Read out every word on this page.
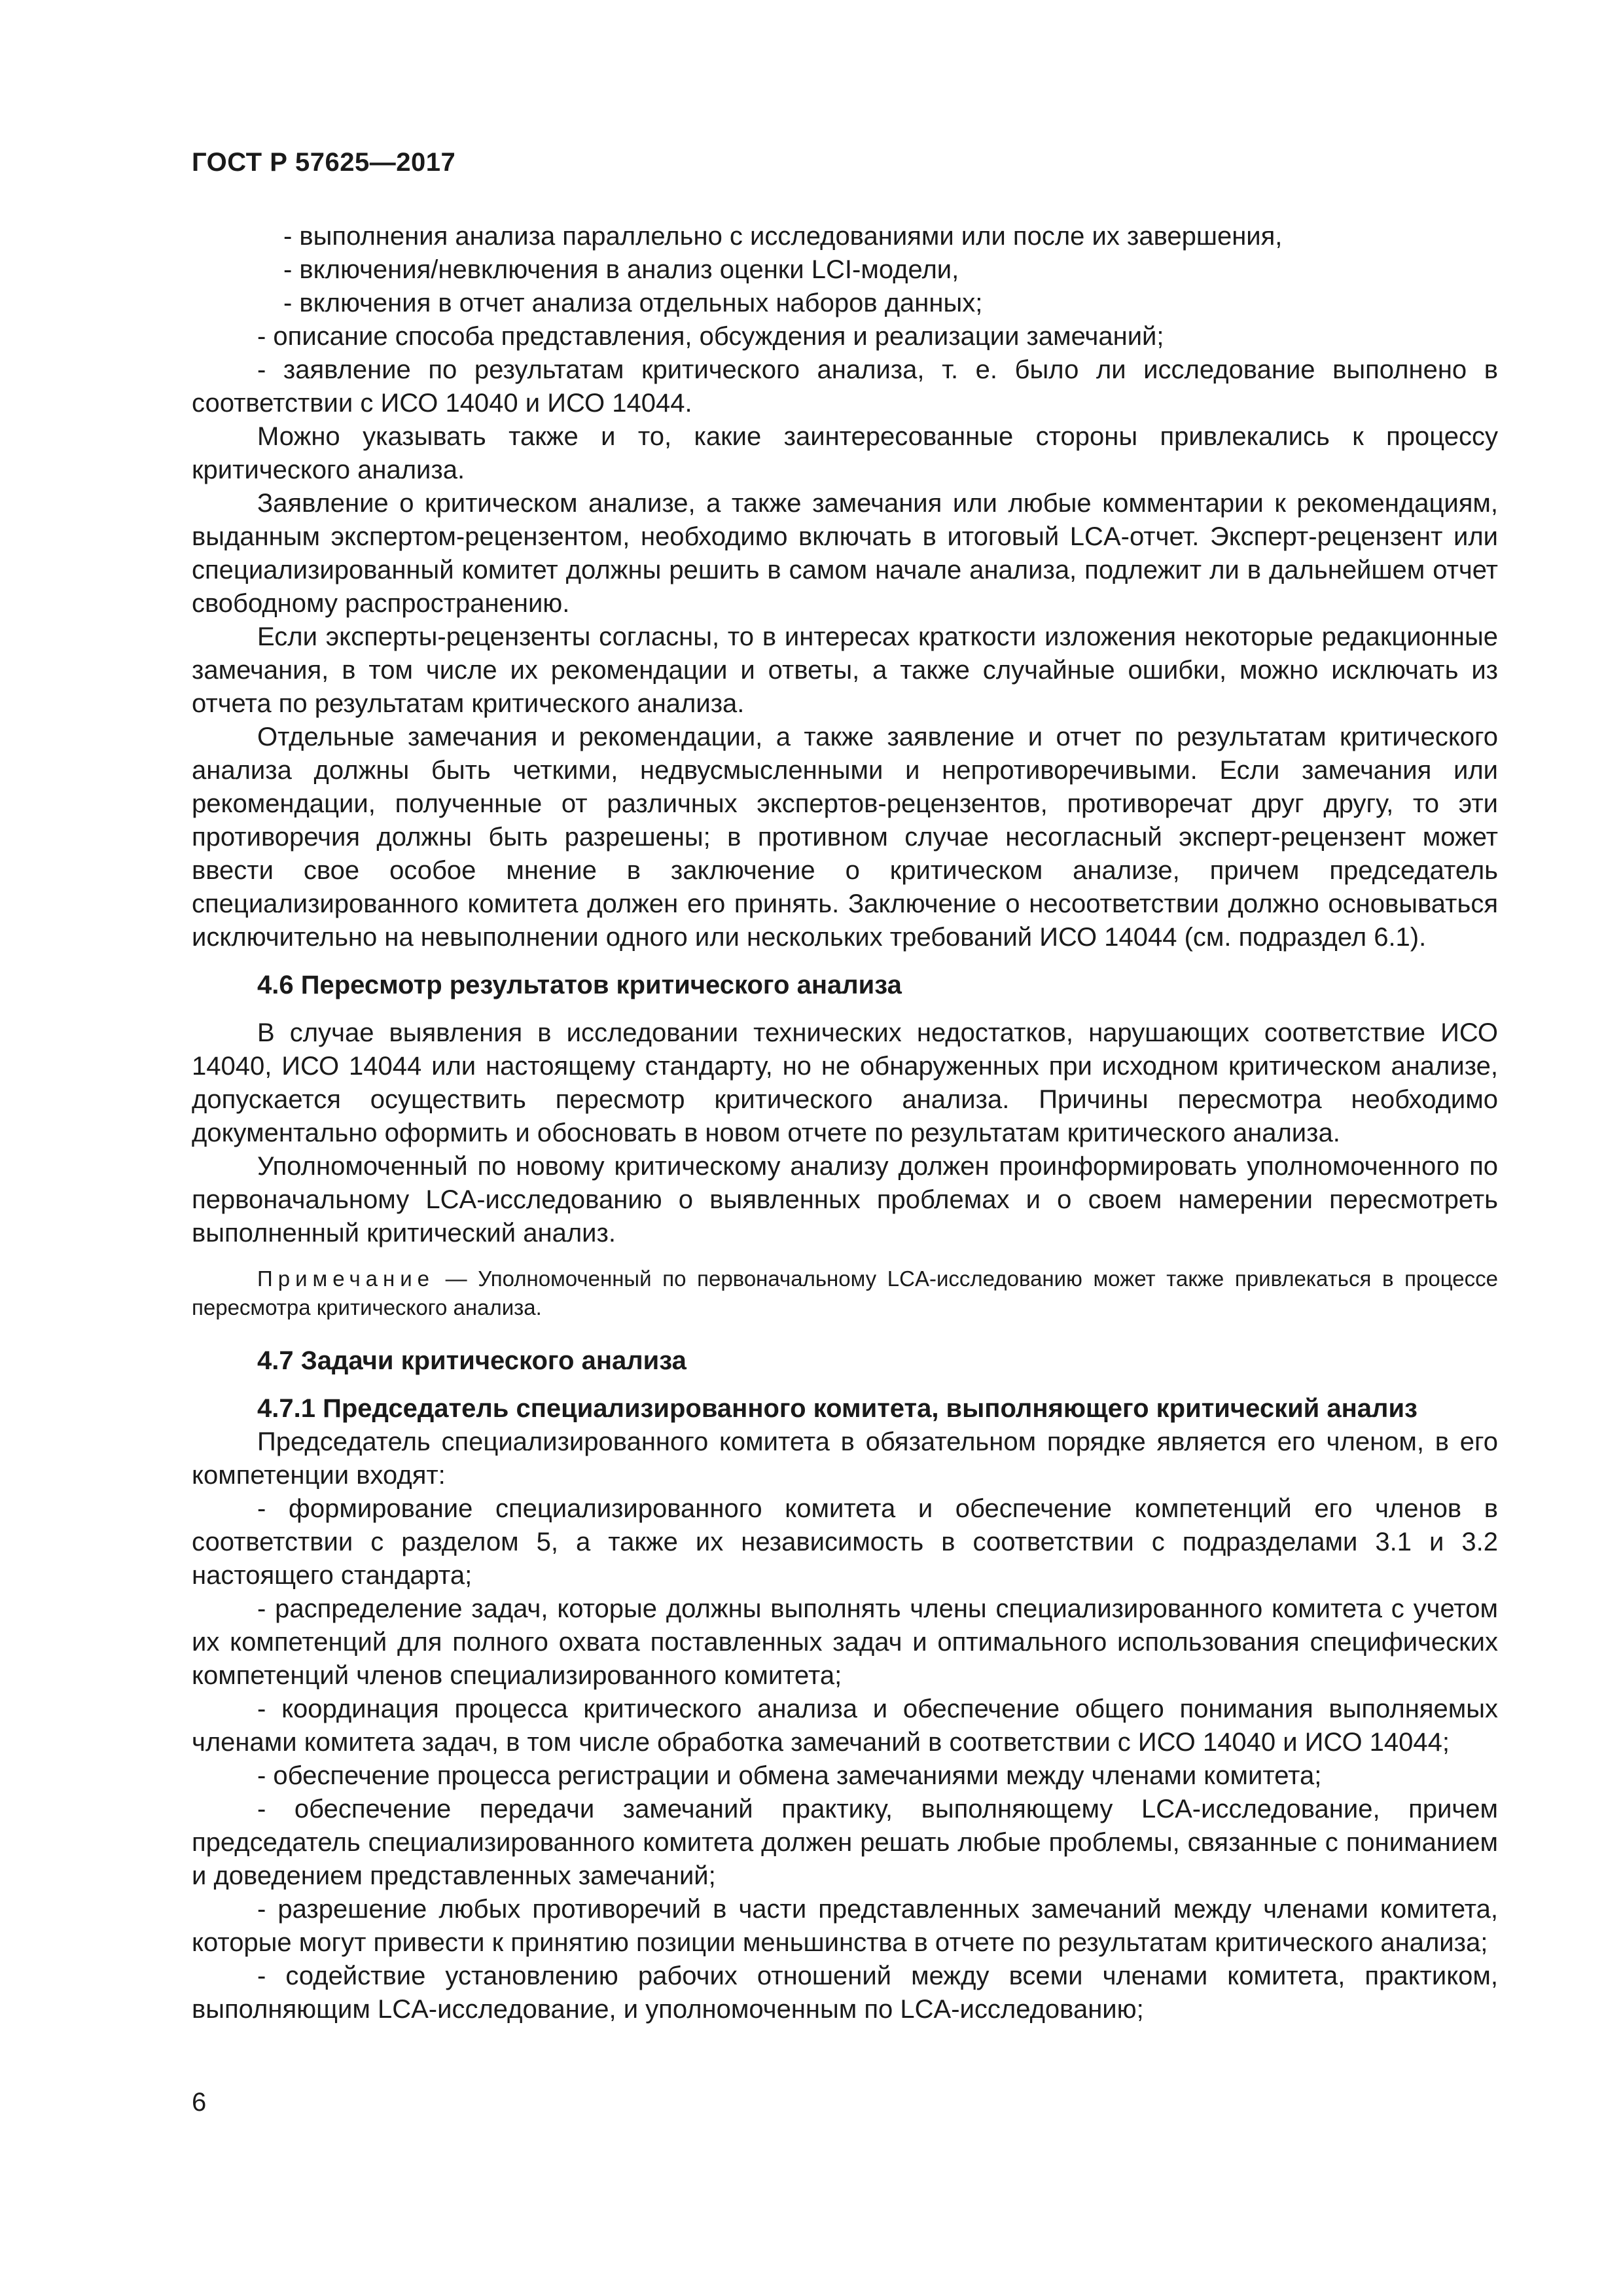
ГОСТ Р 57625—2017

- выполнения анализа параллельно с исследованиями или после их завершения,

- включения/невключения в анализ оценки LCI-модели,

- включения в отчет анализа отдельных наборов данных;

- описание способа представления, обсуждения и реализации замечаний;

- заявление по результатам критического анализа, т. е. было ли исследование выполнено в соответствии с ИСО 14040 и ИСО 14044.

Можно указывать также и то, какие заинтересованные стороны привлекались к процессу критического анализа.

Заявление о критическом анализе, а также замечания или любые комментарии к рекомендациям, выданным экспертом-рецензентом, необходимо включать в итоговый LCA-отчет. Эксперт-рецензент или специализированный комитет должны решить в самом начале анализа, подлежит ли в дальнейшем отчет свободному распространению.

Если эксперты-рецензенты согласны, то в интересах краткости изложения некоторые редакционные замечания, в том числе их рекомендации и ответы, а также случайные ошибки, можно исключать из отчета по результатам критического анализа.

Отдельные замечания и рекомендации, а также заявление и отчет по результатам критического анализа должны быть четкими, недвусмысленными и непротиворечивыми. Если замечания или рекомендации, полученные от различных экспертов-рецензентов, противоречат друг другу, то эти противоречия должны быть разрешены; в противном случае несогласный эксперт-рецензент может ввести свое особое мнение в заключение о критическом анализе, причем председатель специализированного комитета должен его принять. Заключение о несоответствии должно основываться исключительно на невыполнении одного или нескольких требований ИСО 14044 (см. подраздел 6.1).

4.6 Пересмотр результатов критического анализа

В случае выявления в исследовании технических недостатков, нарушающих соответствие ИСО 14040, ИСО 14044 или настоящему стандарту, но не обнаруженных при исходном критическом анализе, допускается осуществить пересмотр критического анализа. Причины пересмотра необходимо документально оформить и обосновать в новом отчете по результатам критического анализа.

Уполномоченный по новому критическому анализу должен проинформировать уполномоченного по первоначальному LCA-исследованию о выявленных проблемах и о своем намерении пересмотреть выполненный критический анализ.

Примечание — Уполномоченный по первоначальному LCA-исследованию может также привлекаться в процессе пересмотра критического анализа.

4.7 Задачи критического анализа
4.7.1 Председатель специализированного комитета, выполняющего критический анализ

Председатель специализированного комитета в обязательном порядке является его членом, в его компетенции входят:

- формирование специализированного комитета и обеспечение компетенций его членов в соответствии с разделом 5, а также их независимость в соответствии с подразделами 3.1 и 3.2 настоящего стандарта;

- распределение задач, которые должны выполнять члены специализированного комитета с учетом их компетенций для полного охвата поставленных задач и оптимального использования специфических компетенций членов специализированного комитета;

- координация процесса критического анализа и обеспечение общего понимания выполняемых членами комитета задач, в том числе обработка замечаний в соответствии с ИСО 14040 и ИСО 14044;

- обеспечение процесса регистрации и обмена замечаниями между членами комитета;

- обеспечение передачи замечаний практику, выполняющему LCA-исследование, причем председатель специализированного комитета должен решать любые проблемы, связанные с пониманием и доведением представленных замечаний;

- разрешение любых противоречий в части представленных замечаний между членами комитета, которые могут привести к принятию позиции меньшинства в отчете по результатам критического анализа;

- содействие установлению рабочих отношений между всеми членами комитета, практиком, выполняющим LCA-исследование, и уполномоченным по LCA-исследованию;

6
